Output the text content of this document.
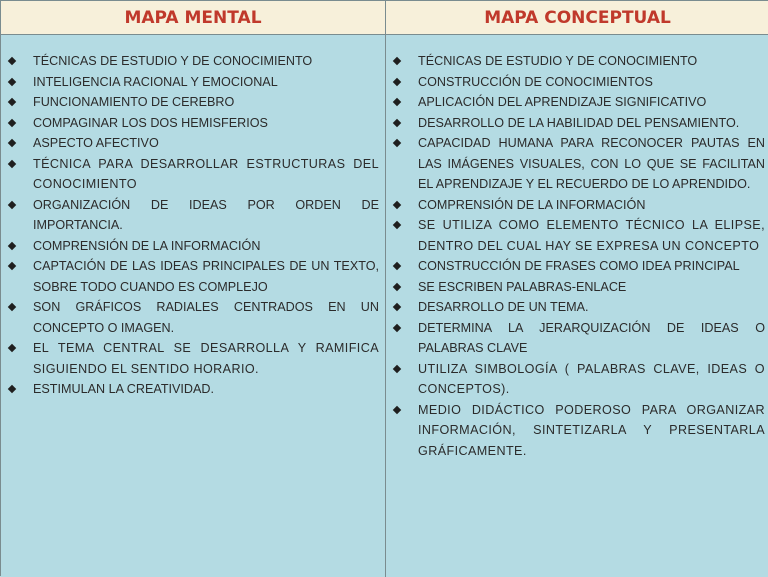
MAPA MENTAL	MAPA CONCEPTUAL
TÉCNICAS DE ESTUDIO Y DE CONOCIMIENTO
INTELIGENCIA RACIONAL Y EMOCIONAL
FUNCIONAMIENTO DE CEREBRO
COMPAGINAR LOS DOS HEMISFERIOS
ASPECTO AFECTIVO
TÉCNICA PARA DESARROLLAR ESTRUCTURAS DEL CONOCIMIENTO
ORGANIZACIÓN DE IDEAS POR ORDEN DE IMPORTANCIA.
COMPRENSIÓN DE LA INFORMACIÓN
CAPTACIÓN DE LAS IDEAS PRINCIPALES DE UN TEXTO, SOBRE TODO CUANDO ES COMPLEJO
SON GRÁFICOS RADIALES CENTRADOS EN UN CONCEPTO O IMAGEN.
EL TEMA CENTRAL SE DESARROLLA Y RAMIFICA SIGUIENDO EL SENTIDO HORARIO.
ESTIMULAN LA CREATIVIDAD.
TÉCNICAS DE ESTUDIO Y DE CONOCIMIENTO
CONSTRUCCIÓN DE CONOCIMIENTOS
APLICACIÓN DEL APRENDIZAJE SIGNIFICATIVO
DESARROLLO DE LA HABILIDAD DEL PENSAMIENTO.
CAPACIDAD HUMANA PARA RECONOCER PAUTAS EN LAS IMÁGENES VISUALES, CON LO QUE SE FACILITAN EL APRENDIZAJE Y EL RECUERDO DE LO APRENDIDO.
COMPRENSIÓN DE LA INFORMACIÓN
SE UTILIZA COMO ELEMENTO TÉCNICO LA ELIPSE, DENTRO DEL CUAL HAY SE EXPRESA UN CONCEPTO
CONSTRUCCIÓN DE FRASES COMO IDEA PRINCIPAL
SE ESCRIBEN PALABRAS-ENLACE
DESARROLLO DE UN TEMA.
DETERMINA LA JERARQUIZACIÓN DE IDEAS O PALABRAS CLAVE
UTILIZA SIMBOLOGÍA ( PALABRAS CLAVE, IDEAS O CONCEPTOS).
MEDIO DIDÁCTICO PODEROSO PARA ORGANIZAR INFORMACIÓN, SINTETIZARLA Y PRESENTARLA GRÁFICAMENTE.
